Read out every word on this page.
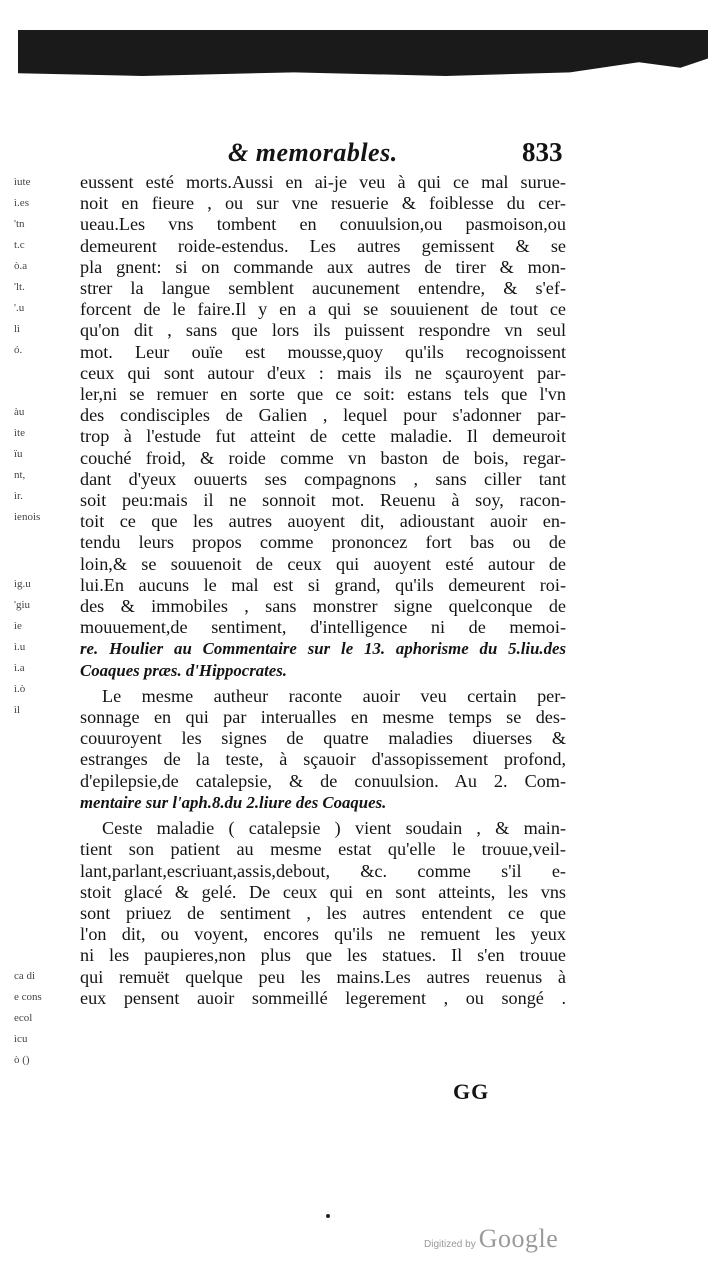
& memorables.	833
ìute
ì.es
'tn
t.c
ò.a
'lt.
'.u
lì
ó.
àu
ìte
ïu
nt,
ìr.
ienois
ìg.u
'giu
ìe
ì.u
ì.a
ì.ò
ìl
ca di
e cons
ecol
ìcu
ò ()
eussent esté morts.Aussi en ai-je veu à qui ce mal surue-
noit en fieure , ou sur vne resuerie & foiblesse du cer-
ueau.Les vns tombent en conuulsion,ou pasmoison,ou
demeurent roide-estendus. Les autres gemissent & se
pla gnent: si on commande aux autres de tirer & mon-
strer la langue semblent aucunement entendre, & s'ef-
forcent de le faire.Il y en a qui se souuienent de tout ce
qu'on dit , sans que lors ils puissent respondre vn seul
mot. Leur ouïe est mousse,quoy qu'ils recognoissent
ceux qui sont autour d'eux : mais ils ne sçauroyent par-
ler,ni se remuer en sorte que ce soit: estans tels que l'vn
des condisciples de Galien , lequel pour s'adonner par-
trop à l'estude fut atteint de cette maladie. Il demeuroit
couché froid, & roide comme vn baston de bois, regar-
dant d'yeux ouuerts ses compagnons , sans ciller tant
soit peu:mais il ne sonnoit mot. Reuenu à soy, racon-
toit ce que les autres auoyent dit, adioustant auoir en-
tendu leurs propos comme prononcez fort bas ou de
loin,& se souuenoit de ceux qui auoyent esté autour de
lui.En aucuns le mal est si grand, qu'ils demeurent roi-
des & immobiles , sans monstrer signe quelconque de
mouuement,de sentiment, d'intelligence ni de memoi-
re. Houlier au Commentaire sur le 13. aphorisme du 5.liu.des
Coaques præs. d'Hippocrates.
Le mesme autheur raconte auoir veu certain per-
sonnage en qui par interualles en mesme temps se des-
couuroyent les signes de quatre maladies diuerses &
estranges de la teste, à sçauoir d'assopissement profond,
d'epilepsie,de catalepsie, & de conuulsion. Au 2. Com-
mentaire sur l'aph.8.du 2.liure des Coaques.
Ceste maladie ( catalepsie ) vient soudain , & main-
tient son patient au mesme estat qu'elle le trouue,veil-
lant,parlant,escriuant,assis,debout, &c. comme s'il e-
stoit glacé & gelé. De ceux qui en sont atteints, les vns
sont priuez de sentiment , les autres entendent ce que
l'on dit, ou voyent, encores qu'ils ne remuent les yeux
ni les paupieres,non plus que les statues. Il s'en trouue
qui remuët quelque peu les mains.Les autres reuenus à
eux pensent auoir sommeillé legerement , ou songé .
GG
Digitized by Google
